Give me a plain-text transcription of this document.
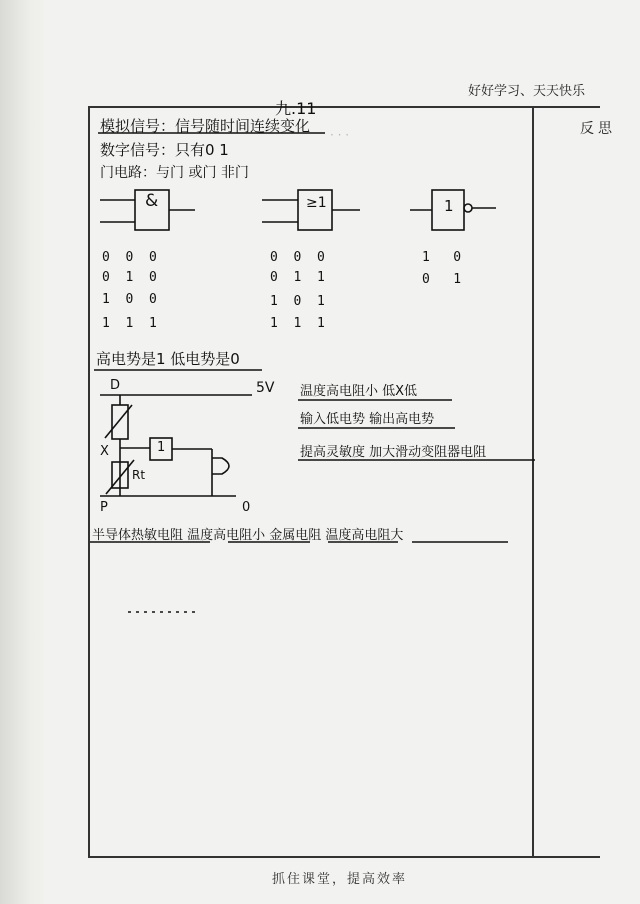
好好学习、天天快乐
反思
· · ·
九.11
模拟信号：信号随时间连续变化
数字信号：只有0 1
门电路：与门 或门 非门
&	≥1	1
0  0  0
0  1  0
1  0  0
1  1  1
0  0  0
0  1  1
1  0  1
1  1  1
1   0
0   1
高电势是1 低电势是0
D	5V
X	1
Rt
P	0
温度高电阻小 低X低
输入低电势 输出高电势
提高灵敏度 加大滑动变阻器电阻
半导体热敏电阻 温度高电阻小 金属电阻 温度高电阻大
抓住课堂，提高效率
